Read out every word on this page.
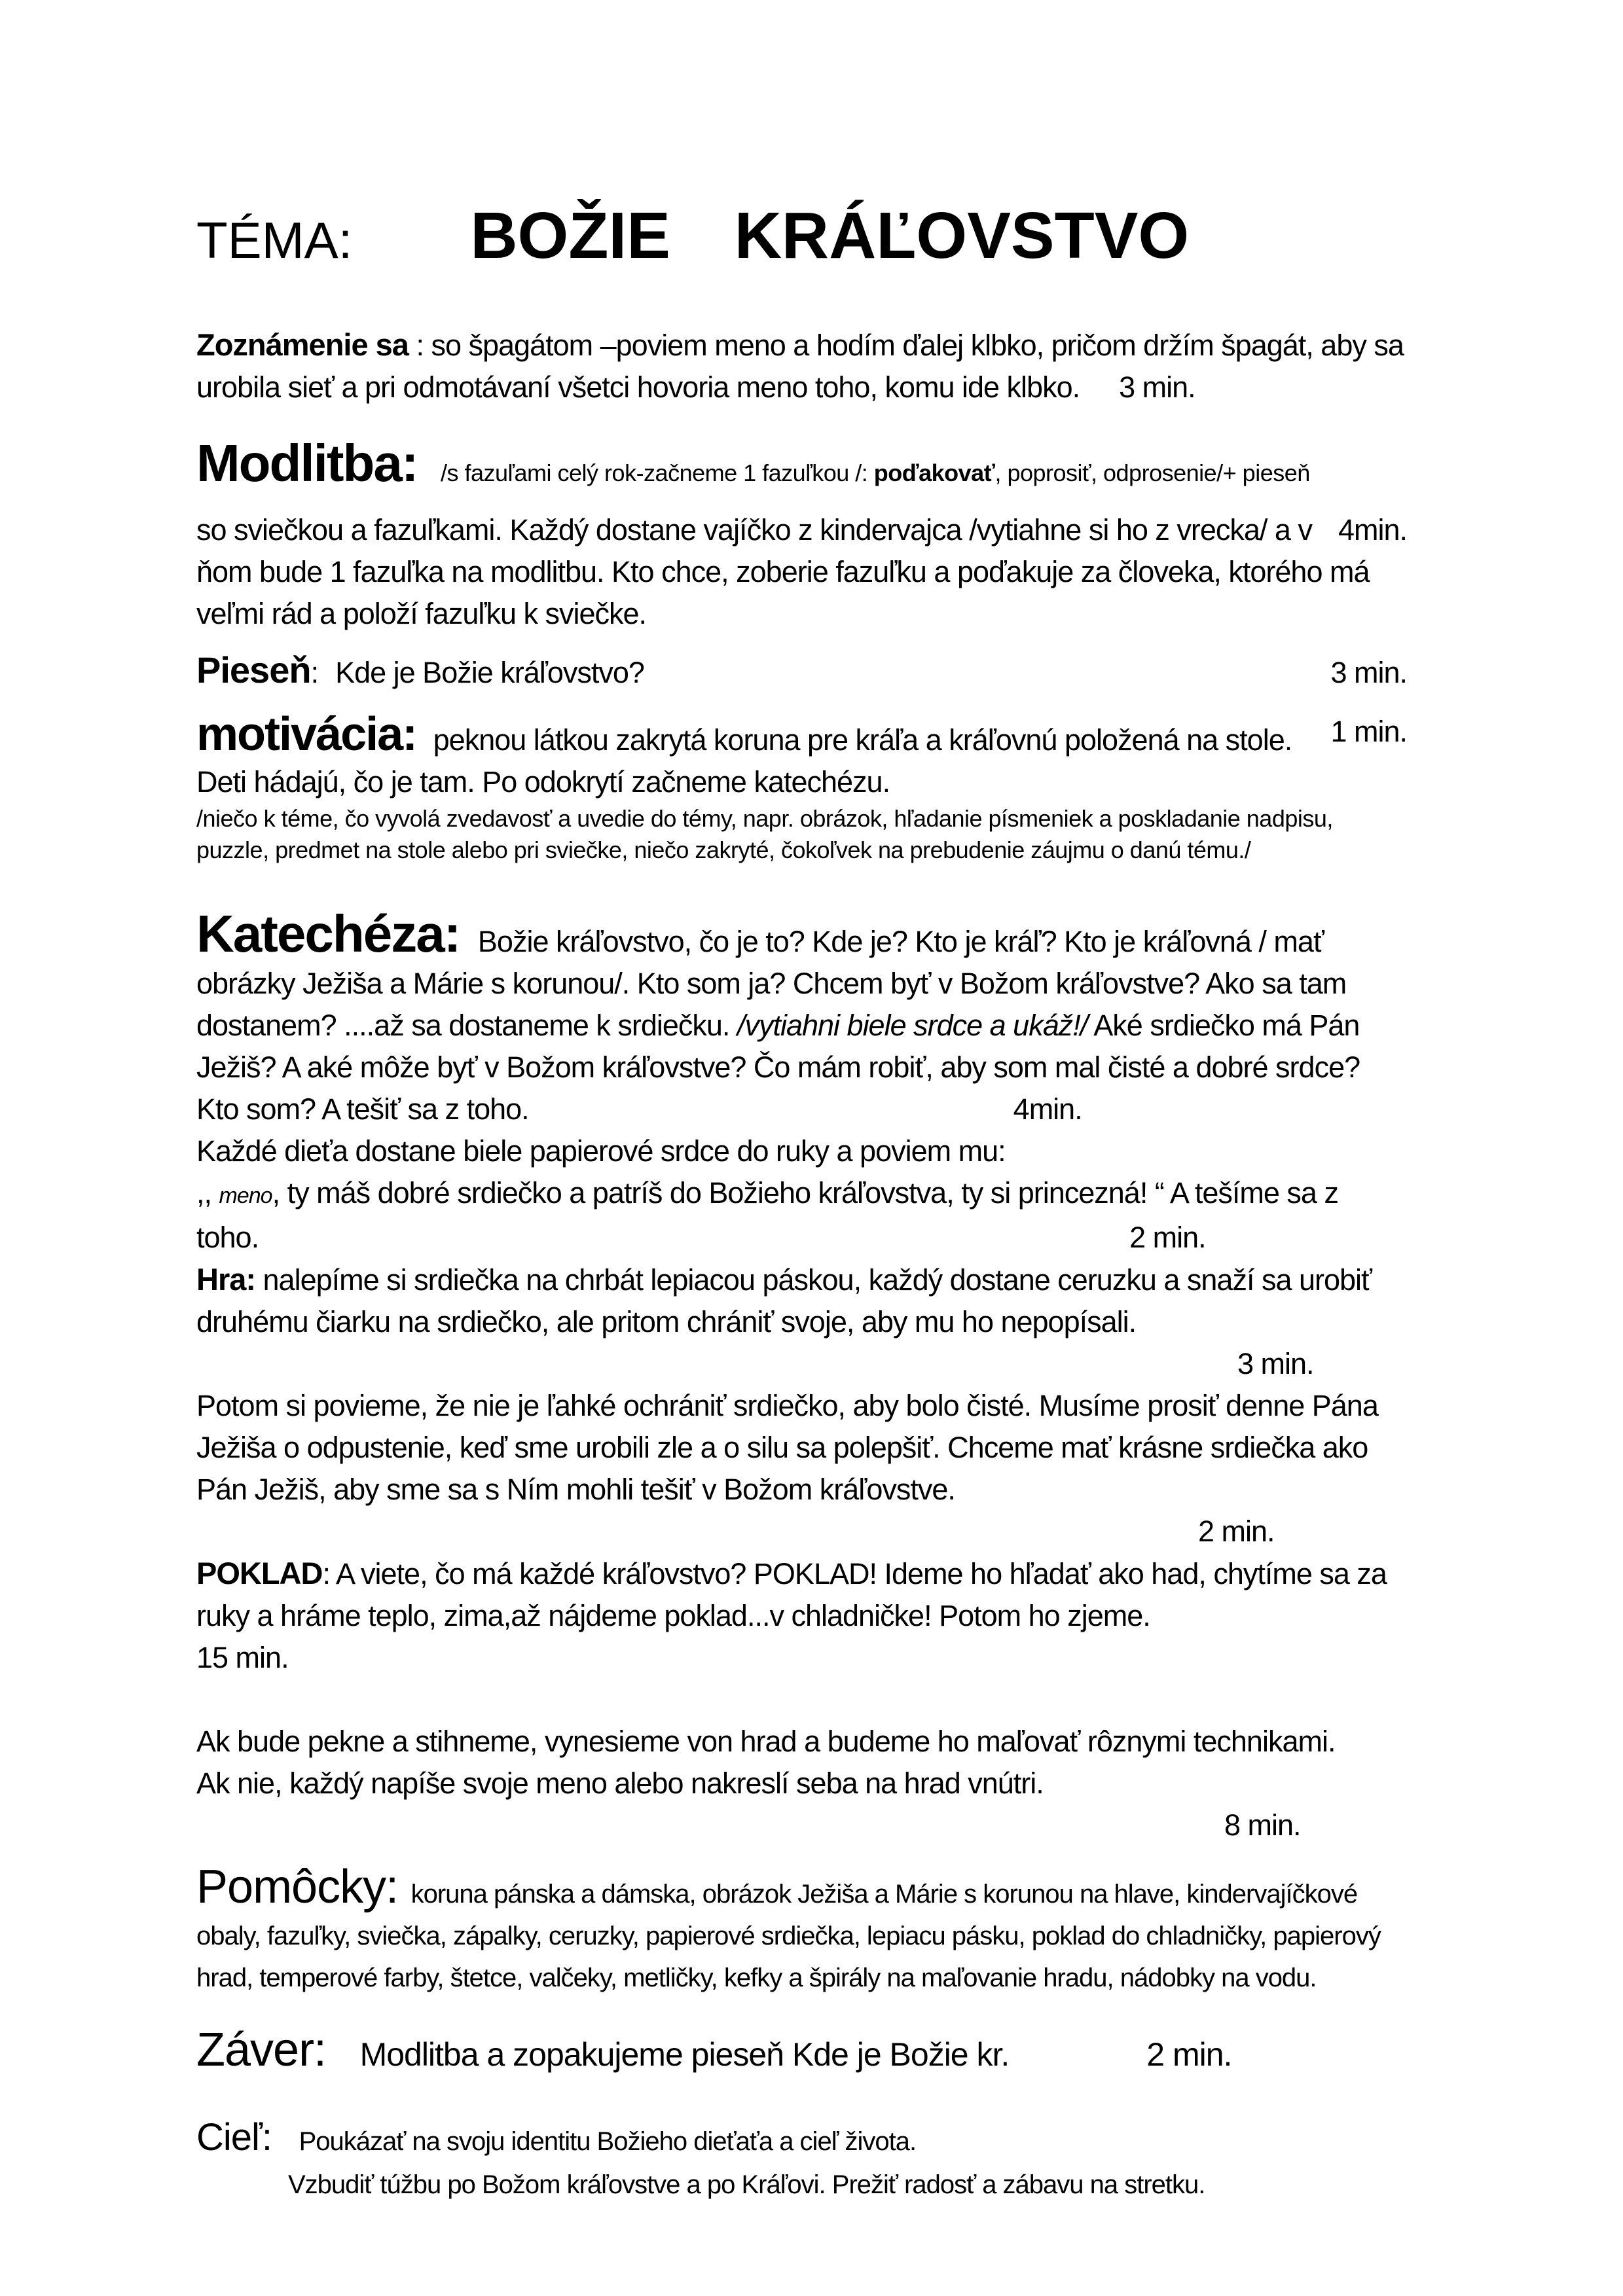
TÉMA: BOŽIE KRÁĽOVSTVO

Zoznámenie sa : so špagátom –poviem meno a hodím ďalej klbko, pričom držím špagát, aby sa urobila sieť a pri odmotávaní všetci hovoria meno toho, komu ide klbko. 3 min.

Modlitba: /s fazuľami celý rok-začneme 1 fazuľkou /: poďakovať, poprosiť, odprosenie/+ pieseň

4min.
so sviečkou a fazuľkami. Každý dostane vajíčko z kindervajca /vytiahne si ho z vrecka/ a v ňom bude 1 fazuľka na modlitbu. Kto chce, zoberie fazuľku a poďakuje za človeka, ktorého má veľmi rád a položí fazuľku k sviečke.

Pieseň : Kde je Božie kráľovstvo?	3 min.

1 min.
motivácia: peknou látkou zakrytá koruna pre kráľa a kráľovnú položená na stole. Deti hádajú, čo je tam. Po odokrytí začneme katechézu.

/niečo k téme, čo vyvolá zvedavosť a uvedie do témy, napr. obrázok, hľadanie písmeniek a poskladanie nadpisu, puzzle, predmet na stole alebo pri sviečke, niečo zakryté, čokoľvek na prebudenie záujmu o danú tému./

Katechéza: Božie kráľovstvo, čo je to? Kde je? Kto je kráľ? Kto je kráľovná / mať obrázky Ježiša a Márie s korunou/. Kto som ja? Chcem byť v Božom kráľovstve? Ako sa tam dostanem? ....až sa dostaneme k srdiečku. /vytiahni biele srdce a ukáž!/ Aké srdiečko má Pán Ježiš? A aké môže byť v Božom kráľovstve? Čo mám robiť, aby som mal čisté a dobré srdce? Kto som? A tešiť sa z toho.	4min.

Každé dieťa dostane biele papierové srdce do ruky a poviem mu:

,, meno, ty máš dobré srdiečko a patríš do Božieho kráľovstva, ty si princezná! “ A tešíme sa z

toho.	2 min.

Hra: nalepíme si srdiečka na chrbát lepiacou páskou, každý dostane ceruzku a snaží sa urobiť druhému čiarku na srdiečko, ale pritom chrániť svoje, aby mu ho nepopísali.

3 min.

Potom si povieme, že nie je ľahké ochrániť srdiečko, aby bolo čisté. Musíme prosiť denne Pána Ježiša o odpustenie, keď sme urobili zle a o silu sa polepšiť. Chceme mať krásne srdiečka ako Pán Ježiš, aby sme sa s Ním mohli tešiť v Božom kráľovstve.

2 min.

POKLAD: A viete, čo má každé kráľovstvo? POKLAD! Ideme ho hľadať ako had, chytíme sa za ruky a hráme teplo, zima,až nájdeme poklad...v chladničke! Potom ho zjeme.

15 min.

Ak bude pekne a stihneme, vynesieme von hrad a budeme ho maľovať rôznymi technikami.
Ak nie, každý napíše svoje meno alebo nakreslí seba na hrad vnútri.

8 min.

Pomôcky: koruna pánska a dámska, obrázok Ježiša a Márie s korunou na hlave, kindervajíčkové obaly, fazuľky, sviečka, zápalky, ceruzky, papierové srdiečka, lepiacu pásku, poklad do chladničky, papierový hrad, temperové farby, štetce, valčeky, metličky, kefky a špirály na maľovanie hradu, nádobky na vodu.

Záver: Modlitba a zopakujeme pieseň Kde je Božie kr.	2 min.

Cieľ: Poukázať na svoju identitu Božieho dieťaťa a cieľ života.
Vzbudiť túžbu po Božom kráľovstve a po Kráľovi. Prežiť radosť a zábavu na stretku.
